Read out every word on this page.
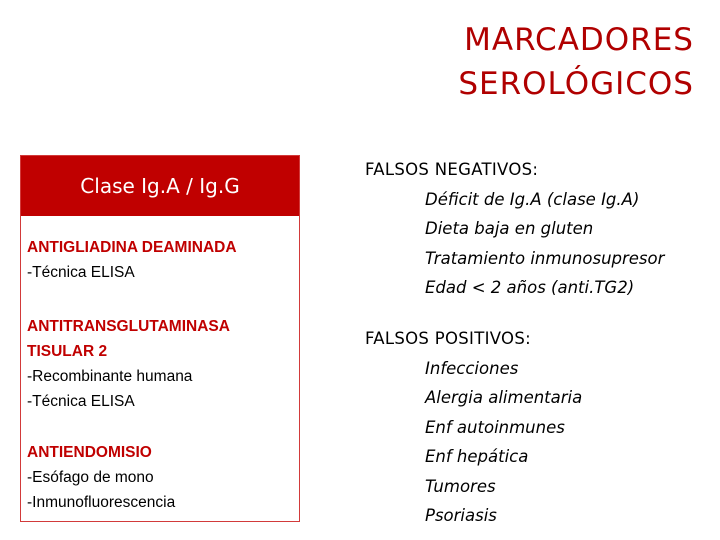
MARCADORES
SEROLÓGICOS
Clase Ig.A / Ig.G
ANTIGLIADINA DEAMINADA
-Técnica ELISA
ANTITRANSGLUTAMINASA
TISULAR 2
-Recombinante humana
-Técnica ELISA
ANTIENDOMISIO
-Esófago de mono
-Inmunofluorescencia
FALSOS NEGATIVOS:
Déficit de Ig.A (clase Ig.A)
Dieta baja en gluten
Tratamiento inmunosupresor
Edad < 2 años (anti.TG2)
FALSOS POSITIVOS:
Infecciones
Alergia alimentaria
Enf autoinmunes
Enf hepática
Tumores
Psoriasis
